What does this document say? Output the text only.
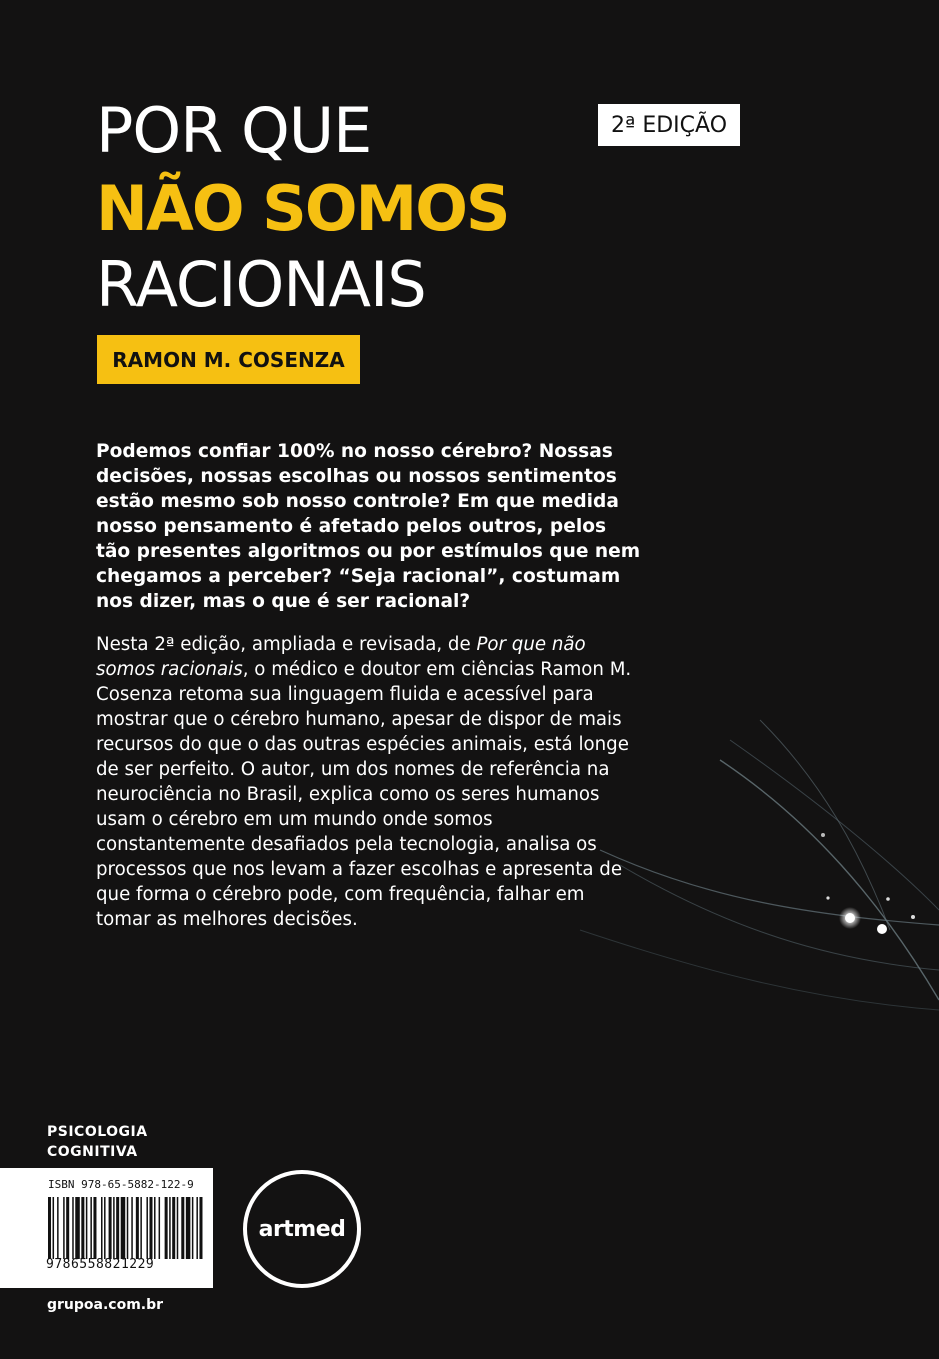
POR QUE
NÃO SOMOS
RACIONAIS
2ª EDIÇÃO
RAMON M. COSENZA

Podemos confiar 100% no nosso cérebro? Nossas decisões, nossas escolhas ou nossos sentimentos estão mesmo sob nosso controle? Em que medida nosso pensamento é afetado pelos outros, pelos tão presentes algoritmos ou por estímulos que nem chegamos a perceber? “Seja racional”, costumam nos dizer, mas o que é ser racional?

Nesta 2ª edição, ampliada e revisada, de Por que não somos racionais, o médico e doutor em ciências Ramon M. Cosenza retoma sua linguagem fluida e acessível para mostrar que o cérebro humano, apesar de dispor de mais recursos do que o das outras espécies animais, está longe de ser perfeito. O autor, um dos nomes de referência na neurociência no Brasil, explica como os seres humanos usam o cérebro em um mundo onde somos constantemente desafiados pela tecnologia, analisa os processos que nos levam a fazer escolhas e apresenta de que forma o cérebro pode, com frequência, falhar em tomar as melhores decisões.

PSICOLOGIA
COGNITIVA
ISBN 978-65-5882-122-9
9786558821229
artmed
grupoa.com.br
